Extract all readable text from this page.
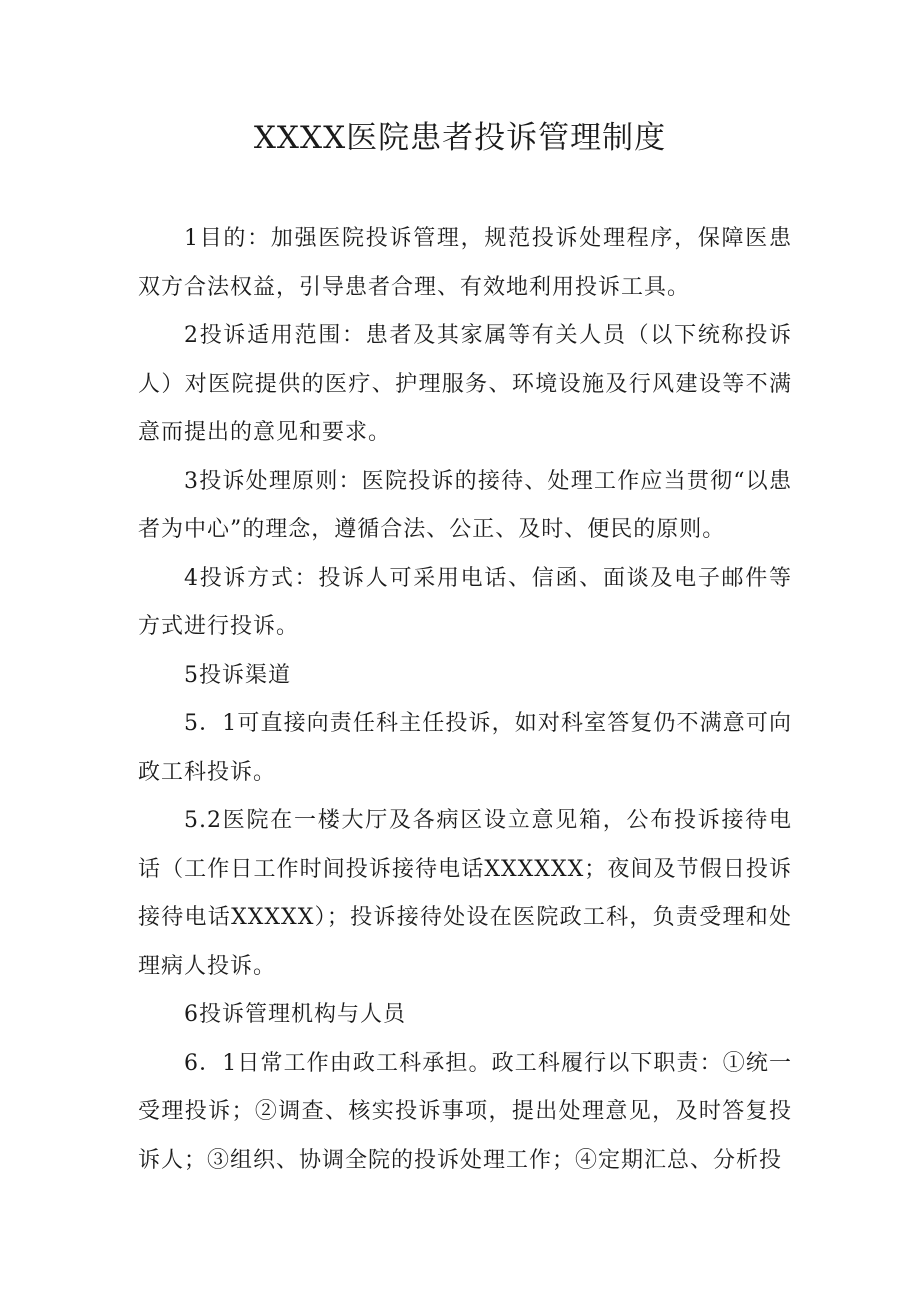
XXXX医院患者投诉管理制度

1目的：加强医院投诉管理，规范投诉处理程序，保障医患双方合法权益，引导患者合理、有效地利用投诉工具。

2投诉适用范围：患者及其家属等有关人员（以下统称投诉人）对医院提供的医疗、护理服务、环境设施及行风建设等不满意而提出的意见和要求。

3投诉处理原则：医院投诉的接待、处理工作应当贯彻“以患者为中心”的理念，遵循合法、公正、及时、便民的原则。

4投诉方式：投诉人可采用电话、信函、面谈及电子邮件等方式进行投诉。

5投诉渠道

5．1可直接向责任科主任投诉，如对科室答复仍不满意可向政工科投诉。

5.2医院在一楼大厅及各病区设立意见箱，公布投诉接待电话（工作日工作时间投诉接待电话XXXXXX；夜间及节假日投诉接待电话XXXXX）；投诉接待处设在医院政工科，负责受理和处理病人投诉。

6投诉管理机构与人员

6．1日常工作由政工科承担。政工科履行以下职责：①统一受理投诉；②调查、核实投诉事项，提出处理意见，及时答复投诉人；③组织、协调全院的投诉处理工作；④定期汇总、分析投
